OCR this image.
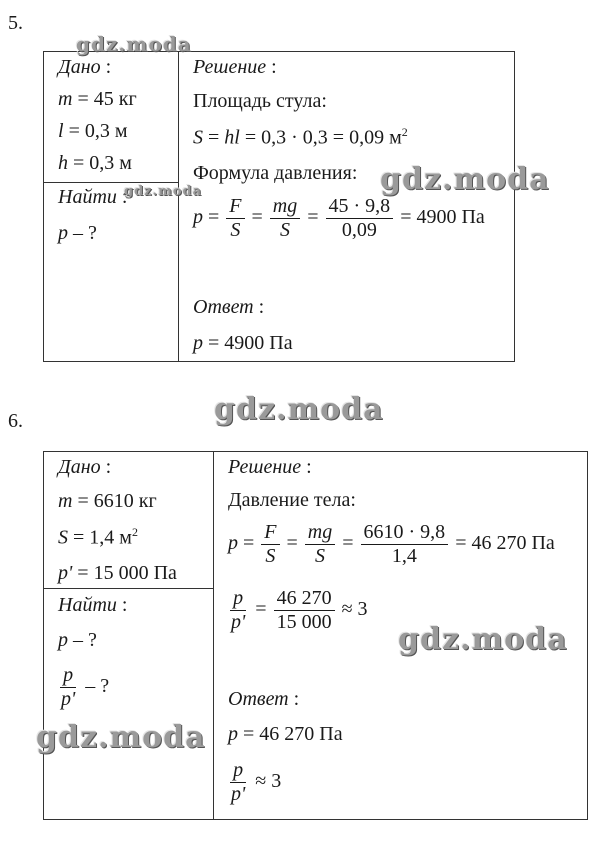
5.
Дано :
m = 45 кг
l = 0,3 м
h = 0,3 м
Найти :
p – ?
Решение :
Площадь стула:
S = hl = 0,3 · 0,3 = 0,09 $м^2$
Формула давления:
$p = \frac{F}{S} = \frac{mg}{S} = \frac{45 \cdot 9,8}{0,09} = 4900$ Па
Ответ :
p = 4900 Па
6.
Дано :
m = 6610 кг
S = 1,4 $м^2$
p' = 15 000 Па
Найти :
p – ?
$\frac{p}{p'}$ – ?
Решение :
Давление тела:
$p = \frac{F}{S} = \frac{mg}{S} = \frac{6610 \cdot 9,8}{1,4} = 46$ 270 Па
$\frac{p}{p'} = \frac{46 270}{15 000} \approx 3$
Ответ :
p = 46 270 Па
$\frac{p}{p'} \approx 3$
gdz.moda
gdz.moda	gdz.moda
gdz.moda
gdz.moda
gdz.moda
